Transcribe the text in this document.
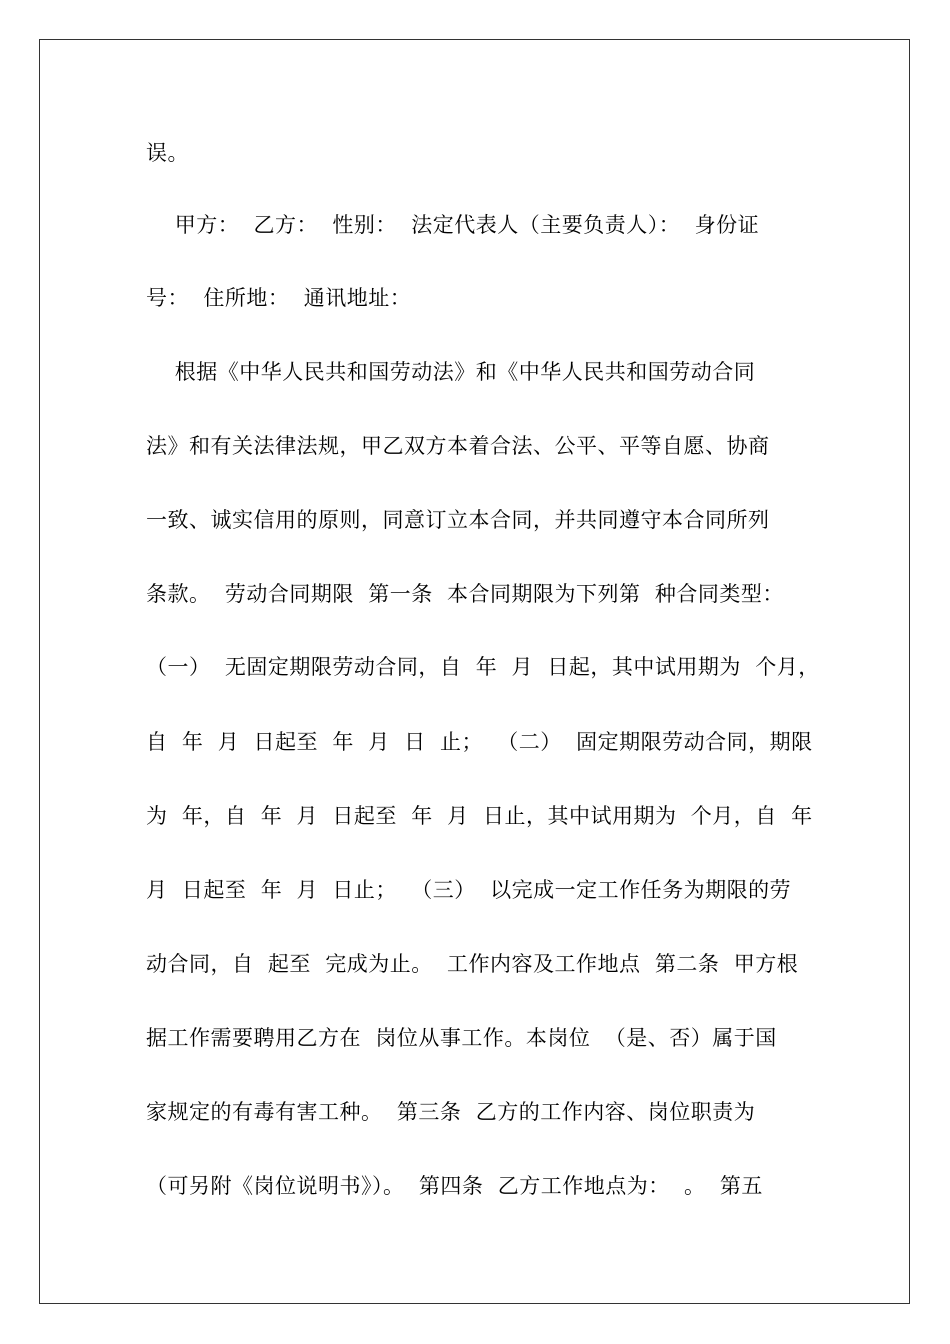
误。
甲方：  乙方：  性别：  法定代表人（主要负责人）：  身份证
号：  住所地：  通讯地址：
根据《中华人民共和国劳动法》和《中华人民共和国劳动合同
法》和有关法律法规，甲乙双方本着合法、公平、平等自愿、协商
一致、诚实信用的原则，同意订立本合同，并共同遵守本合同所列
条款。  劳动合同期限  第一条  本合同期限为下列第  种合同类型：
（一）  无固定期限劳动合同，自  年  月  日起，其中试用期为  个月，
自  年  月  日起至  年  月  日  止；  （二）  固定期限劳动合同，期限
为  年，自  年  月  日起至  年  月  日止，其中试用期为  个月，自  年
月  日起至  年  月  日止；  （三）  以完成一定工作任务为期限的劳
动合同，自  起至  完成为止。  工作内容及工作地点  第二条  甲方根
据工作需要聘用乙方在  岗位从事工作。本岗位  （是、否）属于国
家规定的有毒有害工种。  第三条  乙方的工作内容、岗位职责为
（可另附《岗位说明书》）。  第四条  乙方工作地点为：  。  第五
